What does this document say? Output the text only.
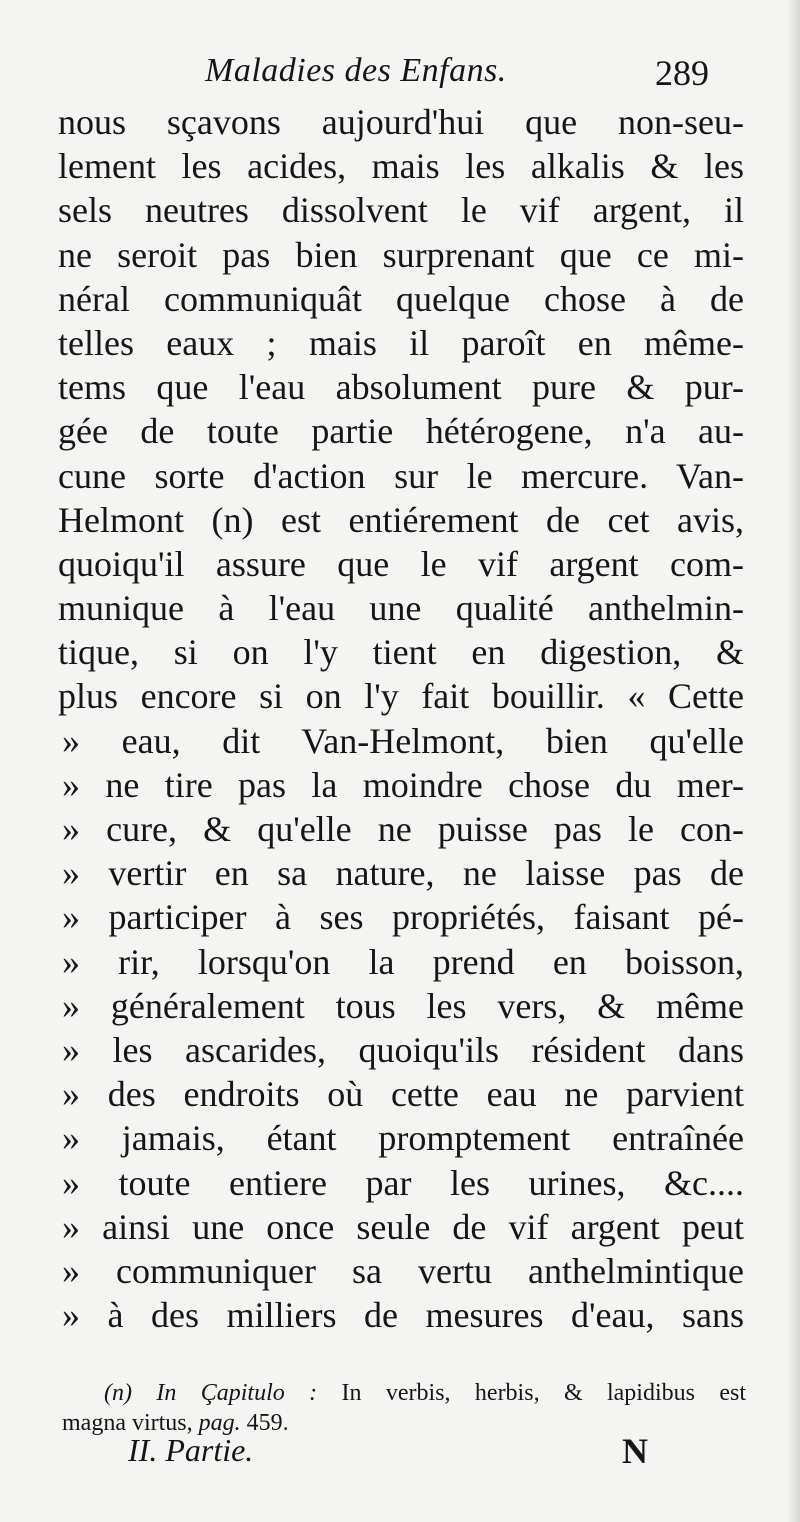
Maladies des Enfans.	289
nous sçavons aujourd'hui que non-seu-
lement les acides, mais les alkalis & les
sels neutres dissolvent le vif argent, il
ne seroit pas bien surprenant que ce mi-
néral communiquât quelque chose à de
telles eaux ; mais il paroît en même-
tems que l'eau absolument pure & pur-
gée de toute partie hétérogene, n'a au-
cune sorte d'action sur le mercure. Van-
Helmont (n) est entiérement de cet avis,
quoiqu'il assure que le vif argent com-
munique à l'eau une qualité anthelmin-
tique, si on l'y tient en digestion, &
plus encore si on l'y fait bouillir. « Cette
» eau, dit Van-Helmont, bien qu'elle
» ne tire pas la moindre chose du mer-
» cure, & qu'elle ne puisse pas le con-
» vertir en sa nature, ne laisse pas de
» participer à ses propriétés, faisant pé-
» rir, lorsqu'on la prend en boisson,
» généralement tous les vers, & même
» les ascarides, quoiqu'ils résident dans
» des endroits où cette eau ne parvient
» jamais, étant promptement entraînée
» toute entiere par les urines, &c....
» ainsi une once seule de vif argent peut
» communiquer sa vertu anthelmintique
» à des milliers de mesures d'eau, sans
(n) In Çapitulo : In verbis, herbis, & lapidibus est
magna virtus, pag. 459.
II. Partie.	N
